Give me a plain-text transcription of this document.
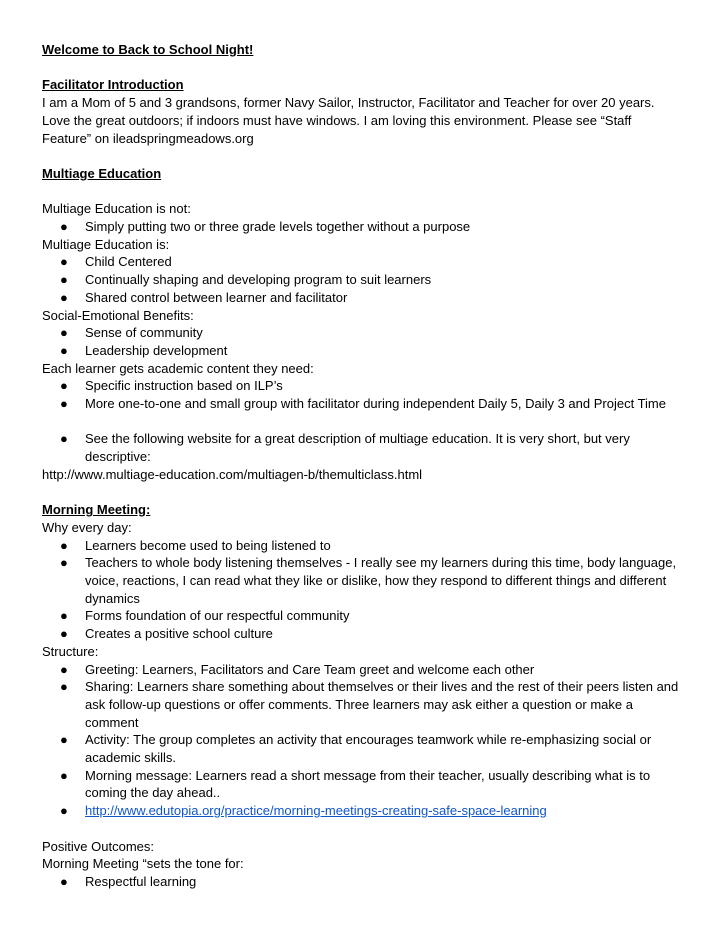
Welcome to Back to School Night!

Facilitator Introduction

I am a Mom of 5 and 3 grandsons, former Navy Sailor, Instructor, Facilitator and Teacher for over 20 years. Love the great outdoors; if indoors must have windows. I am loving this environment. Please see “Staff Feature” on ileadspringmeadows.org

Multiage Education

Multiage Education is not:

● Simply putting two or three grade levels together without a purpose

Multiage Education is:

● Child Centered
● Continually shaping and developing program to suit learners
● Shared control between learner and facilitator

Social-Emotional Benefits:

● Sense of community
● Leadership development

Each learner gets academic content they need:

● Specific instruction based on ILP’s
● More one-to-one and small group with facilitator during independent Daily 5, Daily 3 and Project Time
● See the following website for a great description of multiage education. It is very short, but very descriptive:

http://www.multiage-education.com/multiagen-b/themulticlass.html

Morning Meeting:

Why every day:

● Learners become used to being listened to
● Teachers to whole body listening themselves - I really see my learners during this time, body language, voice, reactions, I can read what they like or dislike, how they respond to different things and different dynamics
● Forms foundation of our respectful community
● Creates a positive school culture

Structure:

● Greeting: Learners, Facilitators and Care Team greet and welcome each other
● Sharing: Learners share something about themselves or their lives and the rest of their peers listen and ask follow-up questions or offer comments. Three learners may ask either a question or make a comment
● Activity: The group completes an activity that encourages teamwork while re-emphasizing social or academic skills.
● Morning message: Learners read a short message from their teacher, usually describing what is to coming the day ahead..
● http://www.edutopia.org/practice/morning-meetings-creating-safe-space-learning

Positive Outcomes:

Morning Meeting “sets the tone for:

● Respectful learning
